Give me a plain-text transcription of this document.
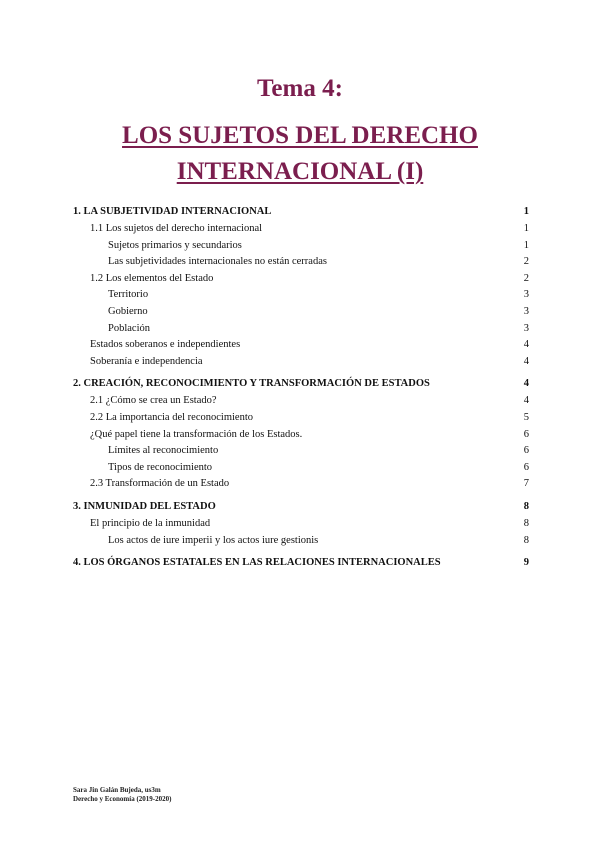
Tema 4:
LOS SUJETOS DEL DERECHO
INTERNACIONAL (I)
1. LA SUBJETIVIDAD INTERNACIONAL	1
1.1 Los sujetos del derecho internacional	1
Sujetos primarios y secundarios	1
Las subjetividades internacionales no están cerradas	2
1.2 Los elementos del Estado	2
Territorio	3
Gobierno	3
Población	3
Estados soberanos e independientes	4
Soberanía e independencia	4
2. CREACIÓN, RECONOCIMIENTO Y TRANSFORMACIÓN DE ESTADOS	4
2.1 ¿Cómo se crea un Estado?	4
2.2 La importancia del reconocimiento	5
¿Qué papel tiene la transformación de los Estados.	6
Límites al reconocimiento	6
Tipos de reconocimiento	6
2.3 Transformación de un Estado	7
3. INMUNIDAD DEL ESTADO	8
El principio de la inmunidad	8
Los actos de iure imperii y los actos iure gestionis	8
4. LOS ÓRGANOS ESTATALES EN LAS RELACIONES INTERNACIONALES	9
Sara Jin Galán Bujeda, us3m
Derecho y Economía (2019-2020)
